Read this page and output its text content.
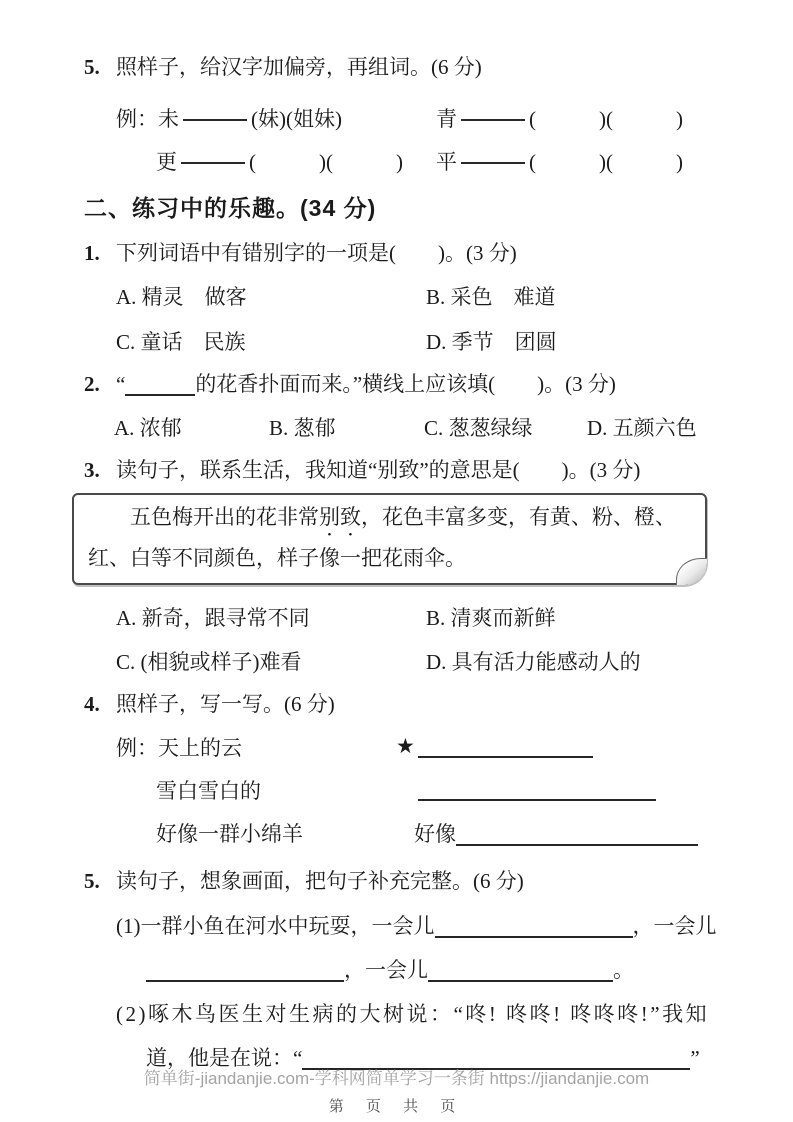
5. 照样子，给汉字加偏旁，再组词。(6 分)
例：未	(妹)(姐妹)	青	(　　　)(　　　)
更	(　　　)(　　　)	平	(　　　)(　　　)
二、练习中的乐趣。(34 分)
1. 下列词语中有错别字的一项是(　　)。(3 分)
A. 精灵　做客	B. 采色　难道
C. 童话　民族	D. 季节　团圆
2. “	的花香扑面而来。”横线上应该填(　　)。(3 分)
A. 浓郁	B. 葱郁	C. 葱葱绿绿	D. 五颜六色
3. 读句子，联系生活，我知道“别致”的意思是(　　)。(3 分)
五色梅开出的花非常别致，花色丰富多变，有黄、粉、橙、
红、白等不同颜色，样子像一把花雨伞。
A. 新奇，跟寻常不同	B. 清爽而新鲜
C. (相貌或样子)难看	D. 具有活力能感动人的
4. 照样子，写一写。(6 分)
例：天上的云	★
雪白雪白的
好像一群小绵羊	好像
5. 读句子，想象画面，把句子补充完整。(6 分)
(1)一群小鱼在河水中玩耍，一会儿	，一会儿
，一会儿	。
(2)啄木鸟医生对生病的大树说：“咚! 咚咚! 咚咚咚!”我知
道，他是在说：“	”
简单街-jiandanjie.com-学科网简单学习一条街 https://jiandanjie.com
第 页 共 页
